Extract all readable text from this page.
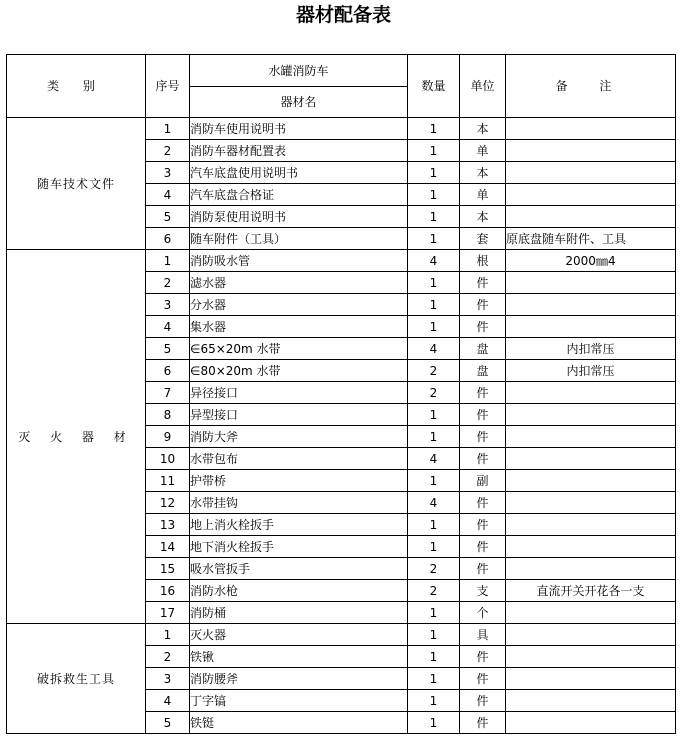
器材配备表
类 别	序号	水罐消防车	数量	单位	备 注
		器材名			
随车技术文件	1	消防车使用说明书	1	本	
	2	消防车器材配置表	1	单	
	3	汽车底盘使用说明书	1	本	
	4	汽车底盘合格证	1	单	
	5	消防泵使用说明书	1	本	
	6	随车附件（工具）	1	套	原底盘随车附件、工具
灭 火 器 材	1	消防吸水管	4	根	2000㎜4
	2	滤水器	1	件	
	3	分水器	1	件	
	4	集水器	1	件	
	5	∈65×20m 水带	4	盘	内扣常压
	6	∈80×20m 水带	2	盘	内扣常压
	7	异径接口	2	件	
	8	异型接口	1	件	
	9	消防大斧	1	件	
	10	水带包布	4	件	
	11	护带桥	1	副	
	12	水带挂钩	4	件	
	13	地上消火栓扳手	1	件	
	14	地下消火栓扳手	1	件	
	15	吸水管扳手	2	件	
	16	消防水枪	2	支	直流开关开花各一支
	17	消防桶	1	个	
破拆救生工具	1	灭火器	1	具	
	2	铁锹	1	件	
	3	消防腰斧	1	件	
	4	丁字镐	1	件	
	5	铁铤	1	件	
